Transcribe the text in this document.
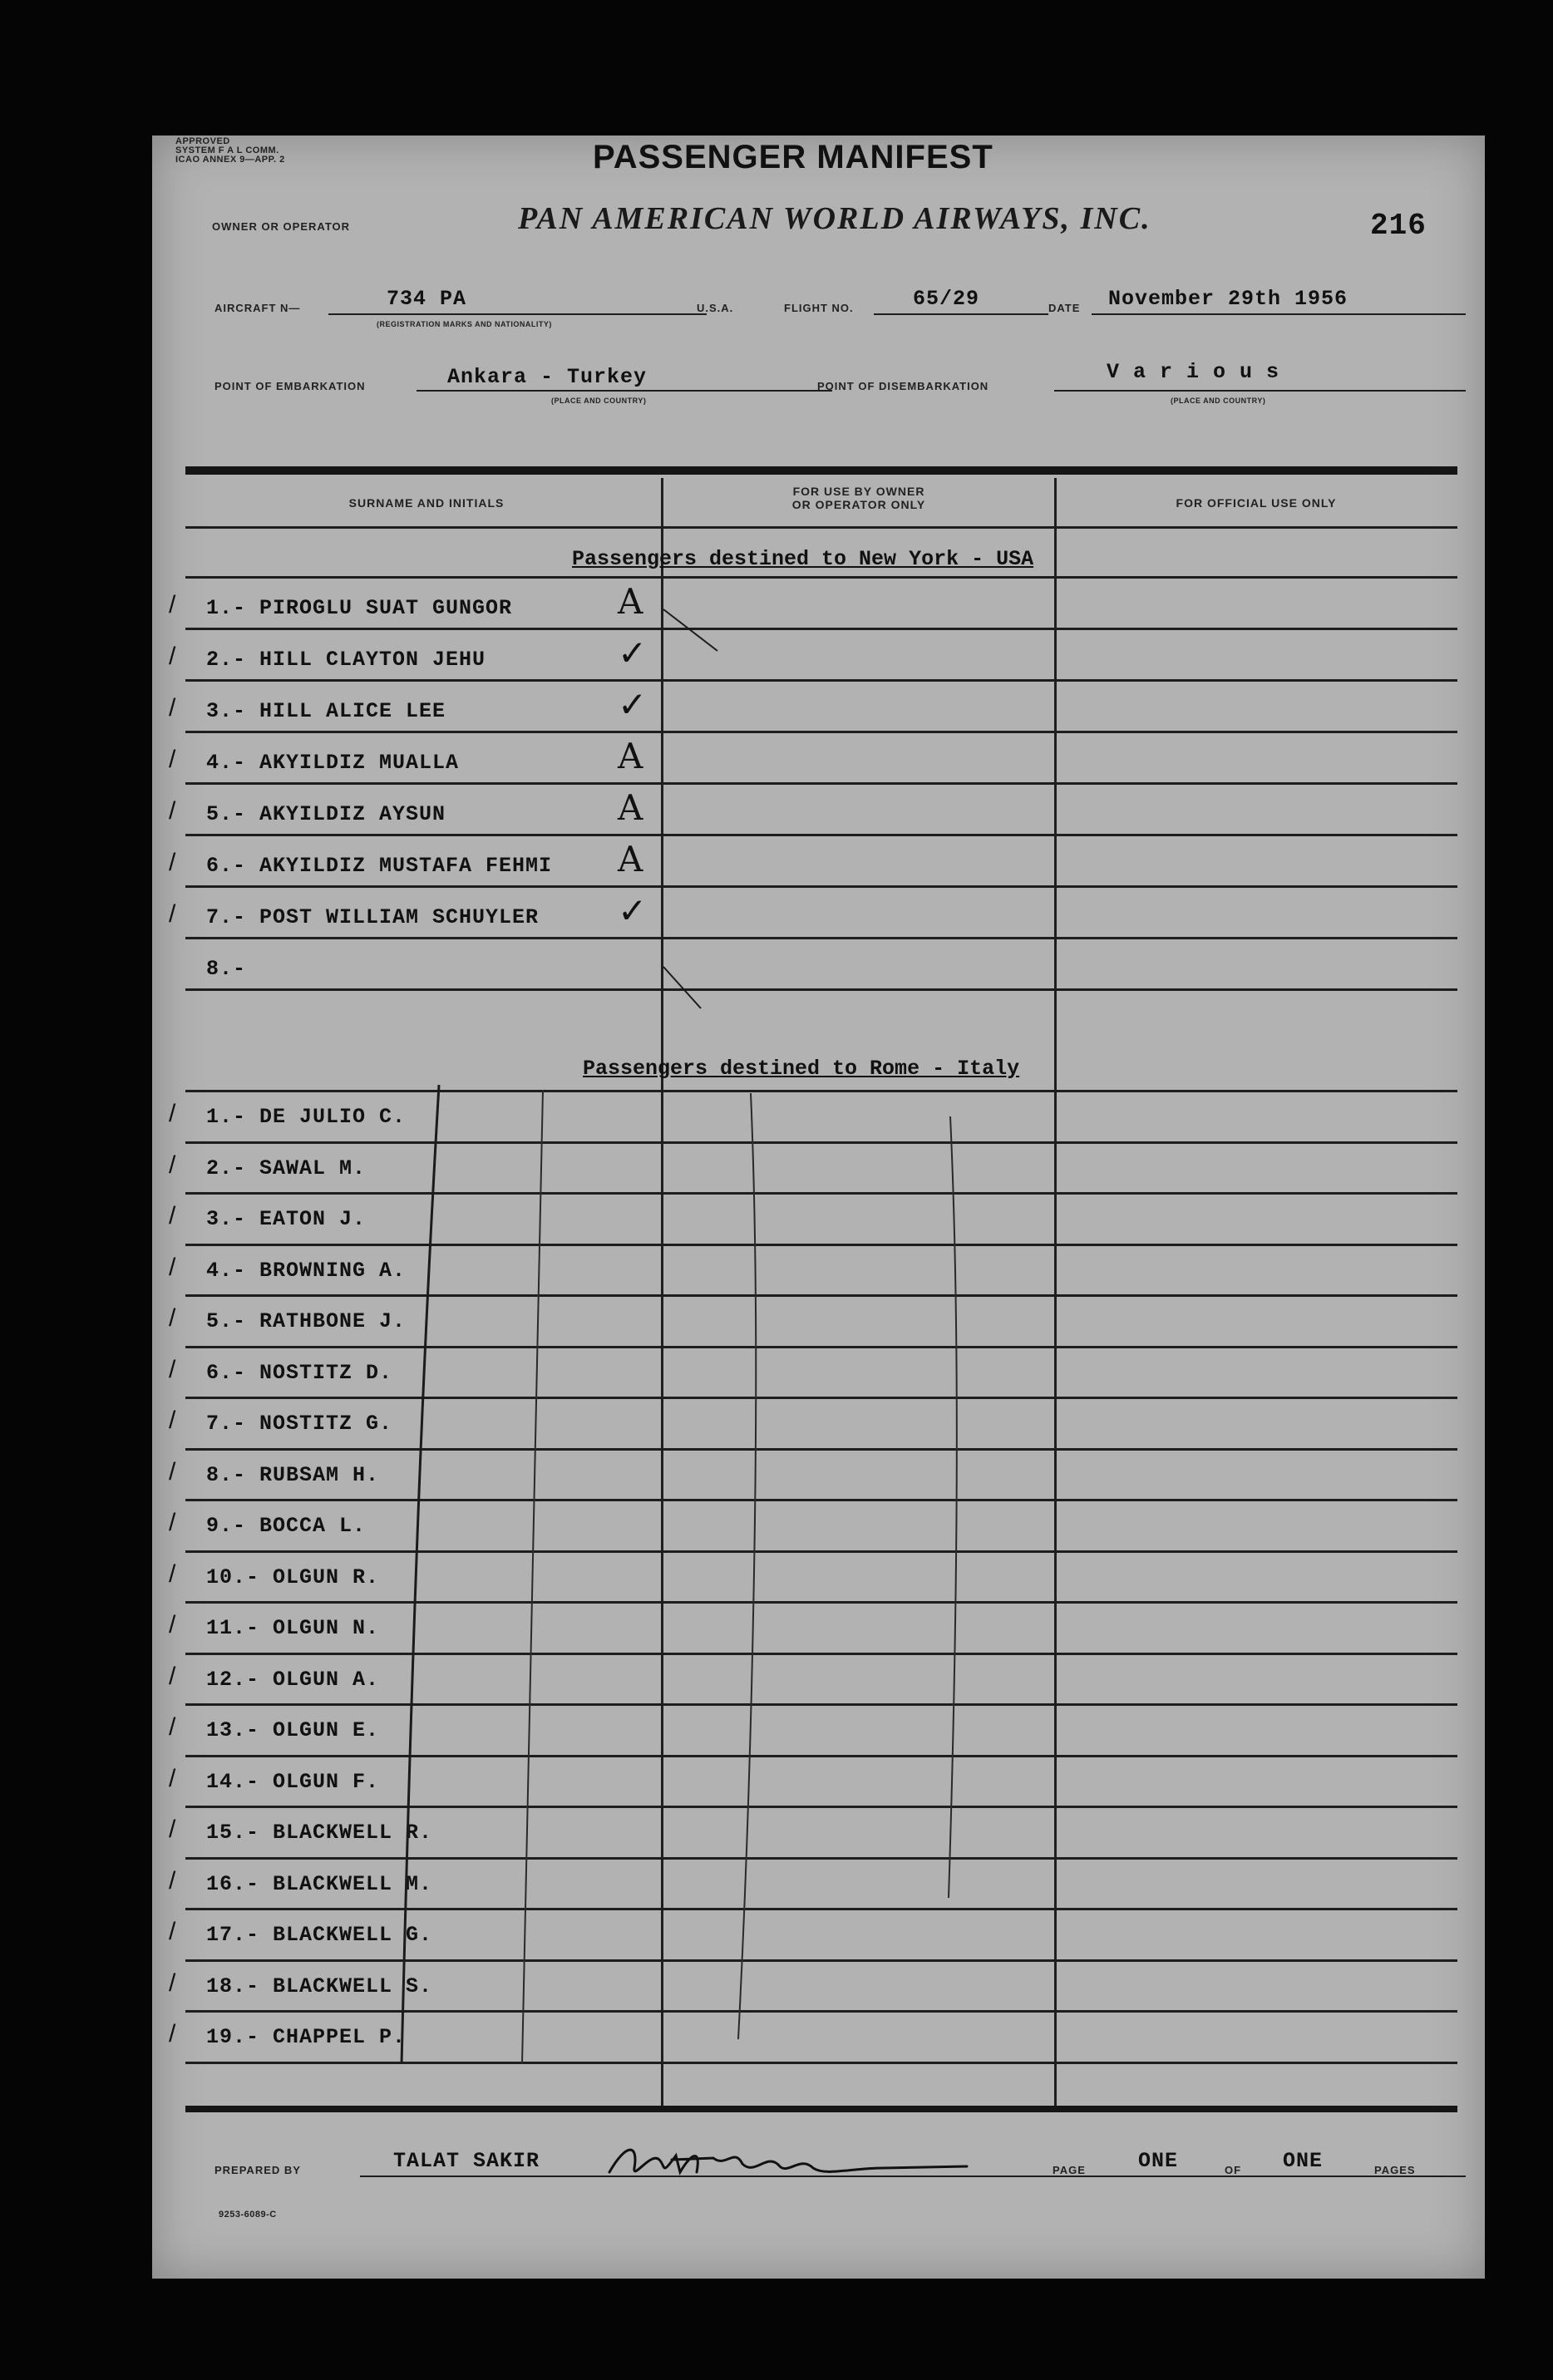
APPROVED
SYSTEM F A L COMM.
ICAO ANNEX 9—APP. 2	PASSENGER MANIFEST
216
OWNER OR OPERATOR	PAN AMERICAN WORLD AIRWAYS, INC.
AIRCRAFT N—	734 PA
(REGISTRATION MARKS AND NATIONALITY)
U.S.A.	FLIGHT NO.	65/29	DATE November 29th 1956
POINT OF EMBARKATION	Ankara - Turkey
(PLACE AND COUNTRY)
POINT OF DISEMBARKATION
V a r i o u s
(PLACE AND COUNTRY)
SURNAME AND INITIALS
FOR USE BY OWNER
OR OPERATOR ONLY	FOR OFFICIAL USE ONLY
Passengers destined to New York - USA
/ 1.- PIROGLU SUAT GUNGOR	A
/ 2.- HILL CLAYTON JEHU	✓
/ 3.- HILL ALICE LEE	✓
/ 4.- AKYILDIZ MUALLA	A
/ 5.- AKYILDIZ AYSUN	A
/ 6.- AKYILDIZ MUSTAFA FEHMI A
/ 7.- POST WILLIAM SCHUYLER ✓
8.-
Passengers destined to Rome - Italy
/ 1.- DE JULIO C.
/ 2.- SAWAL M.
/ 3.- EATON J.
/ 4.- BROWNING A.
/ 5.- RATHBONE J.
/ 6.- NOSTITZ D.
/ 7.- NOSTITZ G.
/ 8.- RUBSAM H.
/ 9.- BOCCA L.
/ 10.- OLGUN R.
/ 11.- OLGUN N.
/ 12.- OLGUN A.
/ 13.- OLGUN E.
/ 14.- OLGUN F.
/ 15.- BLACKWELL R.
/ 16.- BLACKWELL M.
/ 17.- BLACKWELL G.
/ 18.- BLACKWELL S.
/ 19.- CHAPPEL P.
PREPARED BY	TALAT SAKIR	PAGE	ONE	OF ONE	PAGES
9253-6089-C
